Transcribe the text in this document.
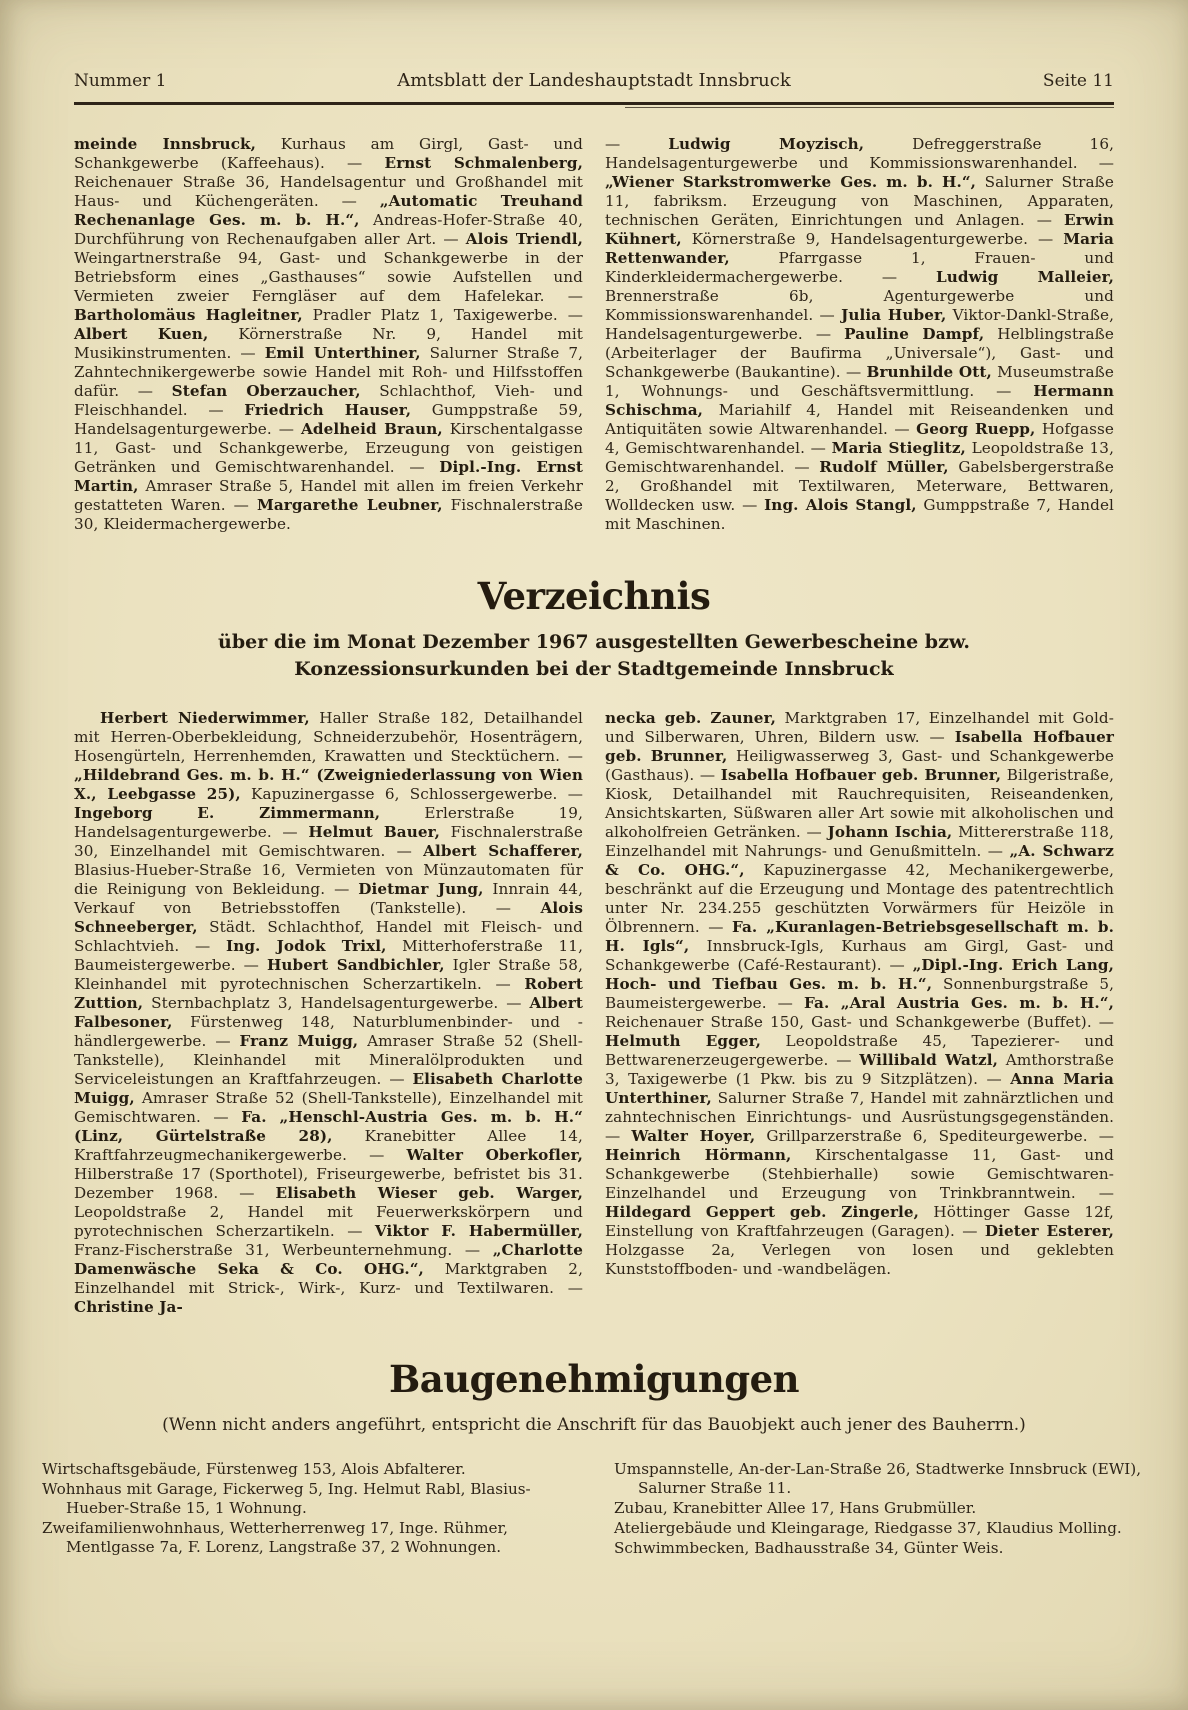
Nummer 1	Amtsblatt der Landeshauptstadt Innsbruck	Seite 11

meinde Innsbruck, Kurhaus am Girgl, Gast- und Schankgewerbe (Kaffeehaus). — Ernst Schmalenberg, Reichenauer Straße 36, Handelsagentur und Großhandel mit Haus- und Küchengeräten. — „Automatic Treuhand Rechenanlage Ges. m. b. H.“, Andreas-Hofer-Straße 40, Durchführung von Rechenaufgaben aller Art. — Alois Triendl, Weingartnerstraße 94, Gast- und Schankgewerbe in der Betriebsform eines „Gasthauses“ sowie Aufstellen und Vermieten zweier Ferngläser auf dem Hafelekar. — Bartholomäus Hagleitner, Pradler Platz 1, Taxigewerbe. — Albert Kuen, Körnerstraße Nr. 9, Handel mit Musikinstrumenten. — Emil Unterthiner, Salurner Straße 7, Zahntechnikergewerbe sowie Handel mit Roh- und Hilfsstoffen dafür. — Stefan Oberzaucher, Schlachthof, Vieh- und Fleischhandel. — Friedrich Hauser, Gumppstraße 59, Handelsagenturgewerbe. — Adelheid Braun, Kirschentalgasse 11, Gast- und Schankgewerbe, Erzeugung von geistigen Getränken und Gemischtwarenhandel. — Dipl.-Ing. Ernst Martin, Amraser Straße 5, Handel mit allen im freien Verkehr gestatteten Waren. — Margarethe Leubner, Fischnalerstraße 30, Kleidermachergewerbe.

— Ludwig Moyzisch, Defreggerstraße 16, Handelsagenturgewerbe und Kommissionswarenhandel. — „Wiener Starkstromwerke Ges. m. b. H.“, Salurner Straße 11, fabriksm. Erzeugung von Maschinen, Apparaten, technischen Geräten, Einrichtungen und Anlagen. — Erwin Kühnert, Körnerstraße 9, Handelsagenturgewerbe. — Maria Rettenwander, Pfarrgasse 1, Frauen- und Kinderkleidermachergewerbe. — Ludwig Malleier, Brennerstraße 6b, Agenturgewerbe und Kommissionswarenhandel. — Julia Huber, Viktor-Dankl-Straße, Handelsagenturgewerbe. — Pauline Dampf, Helblingstraße (Arbeiterlager der Baufirma „Universale“), Gast- und Schankgewerbe (Baukantine). — Brunhilde Ott, Museumstraße 1, Wohnungs- und Geschäftsvermittlung. — Hermann Schischma, Mariahilf 4, Handel mit Reiseandenken und Antiquitäten sowie Altwarenhandel. — Georg Ruepp, Hofgasse 4, Gemischtwarenhandel. — Maria Stieglitz, Leopoldstraße 13, Gemischtwarenhandel. — Rudolf Müller, Gabelsbergerstraße 2, Großhandel mit Textilwaren, Meterware, Bettwaren, Wolldecken usw. — Ing. Alois Stangl, Gumppstraße 7, Handel mit Maschinen.

Verzeichnis
über die im Monat Dezember 1967 ausgestellten Gewerbescheine bzw.
Konzessionsurkunden bei der Stadtgemeinde Innsbruck

Herbert Niederwimmer, Haller Straße 182, Detailhandel mit Herren-Oberbekleidung, Schneiderzubehör, Hosenträgern, Hosengürteln, Herrenhemden, Krawatten und Stecktüchern. — „Hildebrand Ges. m. b. H.“ (Zweigniederlassung von Wien X., Leebgasse 25), Kapuzinergasse 6, Schlossergewerbe. — Ingeborg E. Zimmermann, Erlerstraße 19, Handelsagenturgewerbe. — Helmut Bauer, Fischnalerstraße 30, Einzelhandel mit Gemischtwaren. — Albert Schafferer, Blasius-Hueber-Straße 16, Vermieten von Münzautomaten für die Reinigung von Bekleidung. — Dietmar Jung, Innrain 44, Verkauf von Betriebsstoffen (Tankstelle). — Alois Schneeberger, Städt. Schlachthof, Handel mit Fleisch- und Schlachtvieh. — Ing. Jodok Trixl, Mitterhoferstraße 11, Baumeistergewerbe. — Hubert Sandbichler, Igler Straße 58, Kleinhandel mit pyrotechnischen Scherzartikeln. — Robert Zuttion, Sternbachplatz 3, Handelsagenturgewerbe. — Albert Falbesoner, Fürstenweg 148, Naturblumenbinder- und -händlergewerbe. — Franz Muigg, Amraser Straße 52 (Shell-Tankstelle), Kleinhandel mit Mineralölprodukten und Serviceleistungen an Kraftfahrzeugen. — Elisabeth Charlotte Muigg, Amraser Straße 52 (Shell-Tankstelle), Einzelhandel mit Gemischtwaren. — Fa. „Henschl-Austria Ges. m. b. H.“ (Linz, Gürtelstraße 28), Kranebitter Allee 14, Kraftfahrzeugmechanikergewerbe. — Walter Oberkofler, Hilberstraße 17 (Sporthotel), Friseurgewerbe, befristet bis 31. Dezember 1968. — Elisabeth Wieser geb. Warger, Leopoldstraße 2, Handel mit Feuerwerkskörpern und pyrotechnischen Scherzartikeln. — Viktor F. Habermüller, Franz-Fischerstraße 31, Werbeunternehmung. — „Charlotte Damenwäsche Seka & Co. OHG.“, Marktgraben 2, Einzelhandel mit Strick-, Wirk-, Kurz- und Textilwaren. — Christine Ja-

necka geb. Zauner, Marktgraben 17, Einzelhandel mit Gold- und Silberwaren, Uhren, Bildern usw. — Isabella Hofbauer geb. Brunner, Heiligwasserweg 3, Gast- und Schankgewerbe (Gasthaus). — Isabella Hofbauer geb. Brunner, Bilgeristraße, Kiosk, Detailhandel mit Rauchrequisiten, Reiseandenken, Ansichtskarten, Süßwaren aller Art sowie mit alkoholischen und alkoholfreien Getränken. — Johann Ischia, Mittererstraße 118, Einzelhandel mit Nahrungs- und Genußmitteln. — „A. Schwarz & Co. OHG.“, Kapuzinergasse 42, Mechanikergewerbe, beschränkt auf die Erzeugung und Montage des patentrechtlich unter Nr. 234.255 geschützten Vorwärmers für Heizöle in Ölbrennern. — Fa. „Kuranlagen-Betriebsgesellschaft m. b. H. Igls“, Innsbruck-Igls, Kurhaus am Girgl, Gast- und Schankgewerbe (Café-Restaurant). — „Dipl.-Ing. Erich Lang, Hoch- und Tiefbau Ges. m. b. H.“, Sonnenburgstraße 5, Baumeistergewerbe. — Fa. „Aral Austria Ges. m. b. H.“, Reichenauer Straße 150, Gast- und Schankgewerbe (Buffet). — Helmuth Egger, Leopoldstraße 45, Tapezierer- und Bettwarenerzeugergewerbe. — Willibald Watzl, Amthorstraße 3, Taxigewerbe (1 Pkw. bis zu 9 Sitzplätzen). — Anna Maria Unterthiner, Salurner Straße 7, Handel mit zahnärztlichen und zahntechnischen Einrichtungs- und Ausrüstungsgegenständen. — Walter Hoyer, Grillparzerstraße 6, Spediteurgewerbe. — Heinrich Hörmann, Kirschentalgasse 11, Gast- und Schankgewerbe (Stehbierhalle) sowie Gemischtwaren-Einzelhandel und Erzeugung von Trinkbranntwein. — Hildegard Geppert geb. Zingerle, Höttinger Gasse 12f, Einstellung von Kraftfahrzeugen (Garagen). — Dieter Esterer, Holzgasse 2a, Verlegen von losen und geklebten Kunststoffboden- und -wandbelägen.

Baugenehmigungen
(Wenn nicht anders angeführt, entspricht die Anschrift für das Bauobjekt auch jener des Bauherrn.)
Wirtschaftsgebäude, Fürstenweg 153, Alois Abfalterer.
Wohnhaus mit Garage, Fickerweg 5, Ing. Helmut Rabl, Blasius-Hueber-Straße 15, 1 Wohnung.
Zweifamilienwohnhaus, Wetterherrenweg 17, Inge. Rühmer, Mentlgasse 7a, F. Lorenz, Langstraße 37, 2 Wohnungen.
Umspannstelle, An-der-Lan-Straße 26, Stadtwerke Innsbruck (EWI), Salurner Straße 11.
Zubau, Kranebitter Allee 17, Hans Grubmüller.
Ateliergebäude und Kleingarage, Riedgasse 37, Klaudius Molling.
Schwimmbecken, Badhausstraße 34, Günter Weis.
